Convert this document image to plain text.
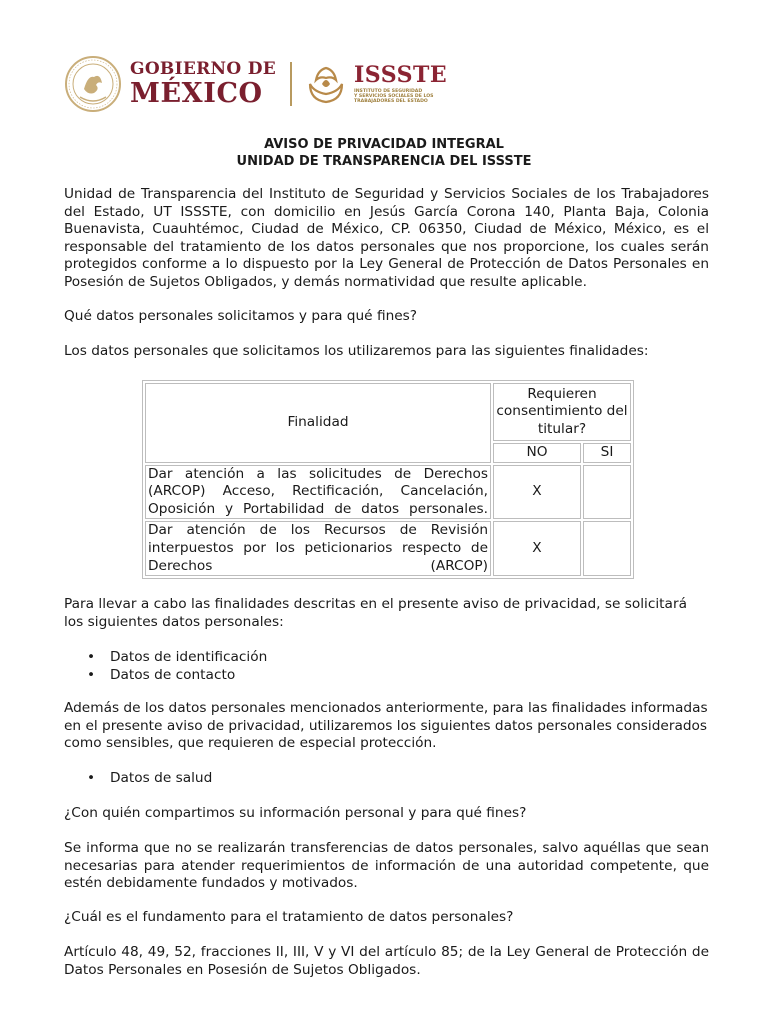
GOBIERNO DE
MÉXICO
ISSSTE
INSTITUTO DE SEGURIDAD
Y SERVICIOS SOCIALES DE LOS
TRABAJADORES DEL ESTADO
AVISO DE PRIVACIDAD INTEGRAL
UNIDAD DE TRANSPARENCIA DEL ISSSTE

Unidad de Transparencia del Instituto de Seguridad y Servicios Sociales de los Trabajadores del Estado, UT ISSSTE, con domicilio en Jesús García Corona 140, Planta Baja, Colonia Buenavista, Cuauhtémoc, Ciudad de México, CP. 06350, Ciudad de México, México, es el responsable del tratamiento de los datos personales que nos proporcione, los cuales serán protegidos conforme a lo dispuesto por la Ley General de Protección de Datos Personales en Posesión de Sujetos Obligados, y demás normatividad que resulte aplicable.

Qué datos personales solicitamos y para qué fines?

Los datos personales que solicitamos los utilizaremos para las siguientes finalidades:

Finalidad	Requieren consentimiento del titular?	
	NO	SI
Dar atención a las solicitudes de Derechos (ARCOP) Acceso, Rectificación, Cancelación, Oposición y Portabilidad de datos personales.	X	
Dar atención de los Recursos de Revisión interpuestos por los peticionarios respecto de Derechos (ARCOP)	X	

Para llevar a cabo las finalidades descritas en el presente aviso de privacidad, se solicitará los siguientes datos personales:

• Datos de identificación
• Datos de contacto

Además de los datos personales mencionados anteriormente, para las finalidades informadas en el presente aviso de privacidad, utilizaremos los siguientes datos personales considerados como sensibles, que requieren de especial protección.

• Datos de salud

¿Con quién compartimos su información personal y para qué fines?

Se informa que no se realizarán transferencias de datos personales, salvo aquéllas que sean necesarias para atender requerimientos de información de una autoridad competente, que estén debidamente fundados y motivados.

¿Cuál es el fundamento para el tratamiento de datos personales?

Artículo 48, 49, 52, fracciones II, III, V y VI del artículo 85; de la Ley General de Protección de Datos Personales en Posesión de Sujetos Obligados.
